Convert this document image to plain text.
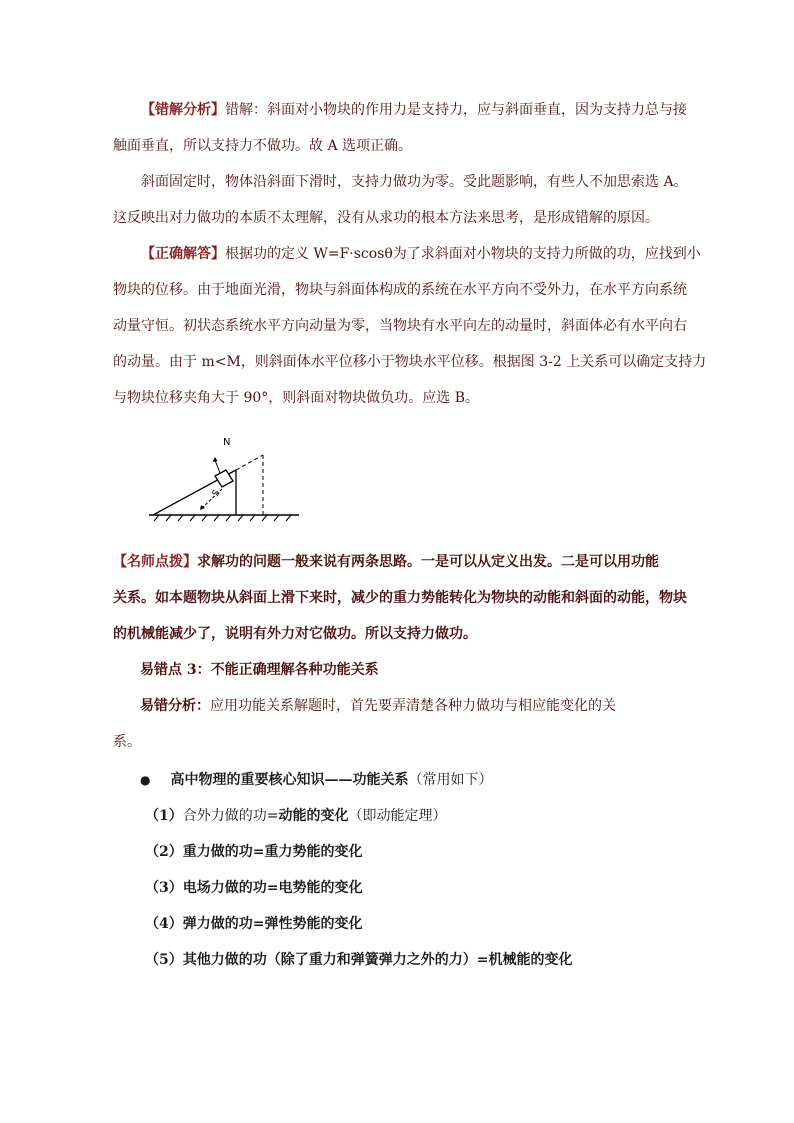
【错解分析】错解：斜面对小物块的作用力是支持力，应与斜面垂直，因为支持力总与接
触面垂直，所以支持力不做功。故 A 选项正确。
斜面固定时，物体沿斜面下滑时，支持力做功为零。受此题影响，有些人不加思索选 A。
这反映出对力做功的本质不太理解，没有从求功的根本方法来思考，是形成错解的原因。
【正确解答】根据功的定义 W=F·scosθ为了求斜面对小物块的支持力所做的功，应找到小
物块的位移。由于地面光滑，物块与斜面体构成的系统在水平方向不受外力，在水平方向系统
动量守恒。初状态系统水平方向动量为零，当物块有水平向左的动量时，斜面体必有水平向右
的动量。由于 m<M，则斜面体水平位移小于物块水平位移。根据图 3-2 上关系可以确定支持力
与物块位移夹角大于 90°，则斜面对物块做负功。应选 B。
N
S
【名师点拨】求解功的问题一般来说有两条思路。一是可以从定义出发。二是可以用功能
关系。如本题物块从斜面上滑下来时，减少的重力势能转化为物块的动能和斜面的动能，物块
的机械能减少了，说明有外力对它做功。所以支持力做功。
易错点 3：不能正确理解各种功能关系
易错分析：应用功能关系解题时，首先要弄清楚各种力做功与相应能变化的关
系。
● 高中物理的重要核心知识——功能关系（常用如下）
（1）合外力做的功=动能的变化（即动能定理）
（2）重力做的功=重力势能的变化
（3）电场力做的功=电势能的变化
（4）弹力做的功=弹性势能的变化
（5）其他力做的功（除了重力和弹簧弹力之外的力）=机械能的变化
